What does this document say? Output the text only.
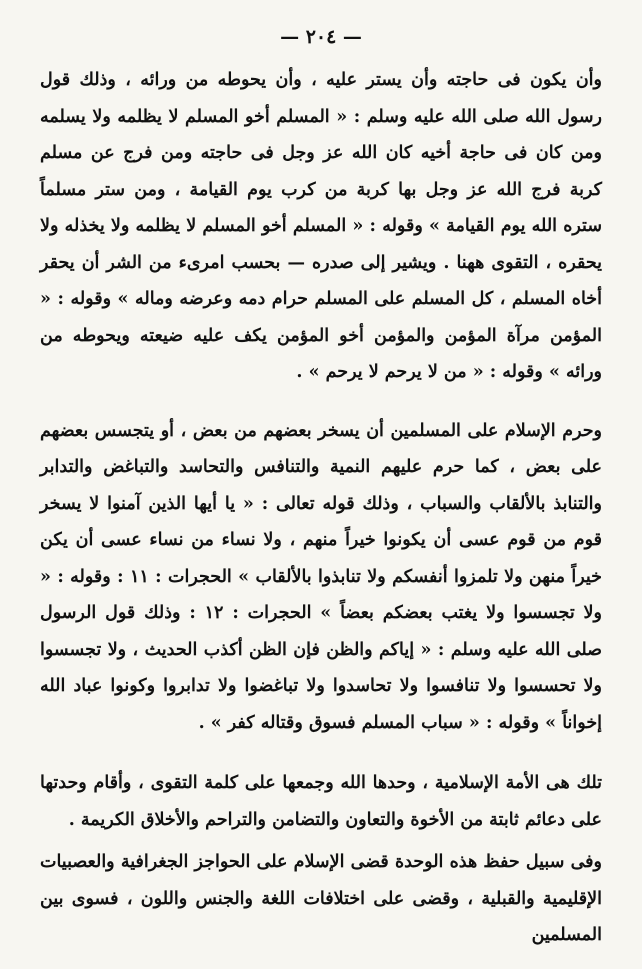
— ٢٠٤ —

وأن يكون فى حاجته وأن يستر عليه ، وأن يحوطه من ورائه ، وذلك قول رسول الله صلى الله عليه وسلم : « المسلم أخو المسلم لا يظلمه ولا يسلمه ومن كان فى حاجة أخيه كان الله عز وجل فى حاجته ومن فرج عن مسلم كربة فرج الله عز وجل بها كربة من كرب يوم القيامة ، ومن ستر مسلماً ستره الله يوم القيامة » وقوله : « المسلم أخو المسلم لا يظلمه ولا يخذله ولا يحقره ، التقوى ههنا . ويشير إلى صدره — بحسب امرىء من الشر أن يحقر أخاه المسلم ، كل المسلم على المسلم حرام دمه وعرضه وماله » وقوله : « المؤمن مرآة المؤمن والمؤمن أخو المؤمن يكف عليه ضيعته ويحوطه من ورائه » وقوله : « من لا يرحم لا يرحم » .

وحرم الإسلام على المسلمين أن يسخر بعضهم من بعض ، أو يتجسس بعضهم على بعض ، كما حرم عليهم النمية والتنافس والتحاسد والتباغض والتدابر والتنابذ بالألقاب والسباب ، وذلك قوله تعالى : « يا أيها الذين آمنوا لا يسخر قوم من قوم عسى أن يكونوا خيراً منهم ، ولا نساء من نساء عسى أن يكن خيراً منهن ولا تلمزوا أنفسكم ولا تنابذوا بالألقاب » الحجرات : ١١ : وقوله : « ولا تجسسوا ولا يغتب بعضكم بعضاً » الحجرات : ١٢ : وذلك قول الرسول صلى الله عليه وسلم : « إياكم والظن فإن الظن أكذب الحديث ، ولا تجسسوا ولا تحسسوا ولا تنافسوا ولا تحاسدوا ولا تباغضوا ولا تدابروا وكونوا عباد الله إخواناً » وقوله : « سباب المسلم فسوق وقتاله كفر » .

تلك هى الأمة الإسلامية ، وحدها الله وجمعها على كلمة التقوى ، وأقام وحدتها على دعائم ثابتة من الأخوة والتعاون والتضامن والتراحم والأخلاق الكريمة .

وفى سبيل حفظ هذه الوحدة قضى الإسلام على الحواجز الجغرافية والعصبيات الإقليمية والقبلية ، وقضى على اختلافات اللغة والجنس واللون ، فسوى بين المسلمين
